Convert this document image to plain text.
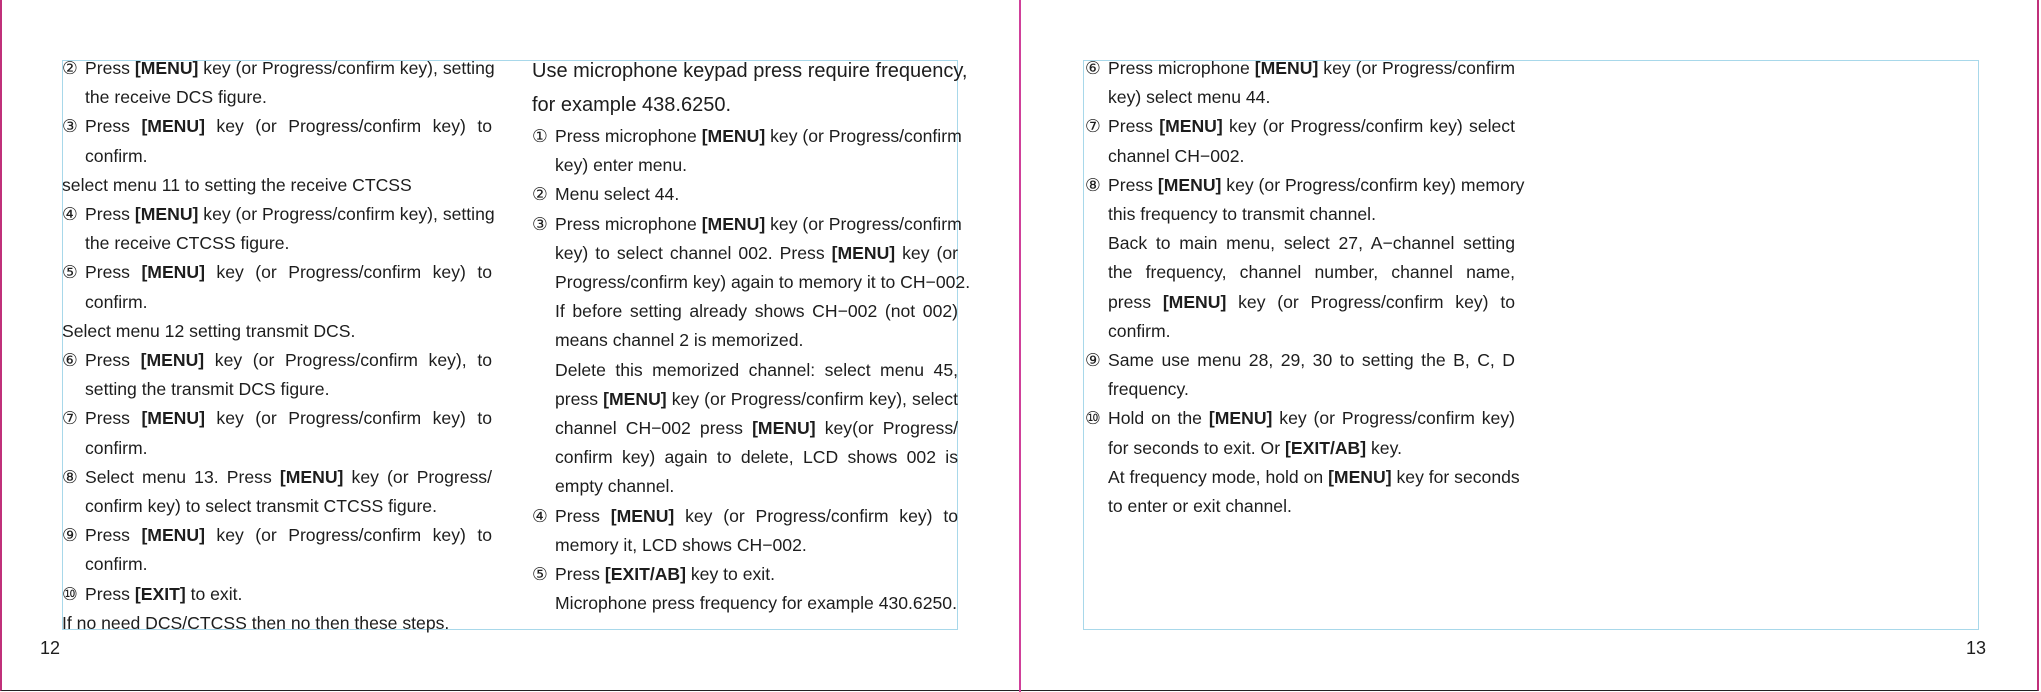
② Press [MENU] key (or Progress/confirm key), setting
the receive DCS figure.
③ Press [MENU] key (or Progress/confirm key) to
confirm.
select menu 11 to setting the receive CTCSS
④ Press [MENU] key (or Progress/confirm key), setting
the receive CTCSS figure.
⑤ Press [MENU] key (or Progress/confirm key) to
confirm.
Select menu 12 setting transmit DCS.
⑥ Press [MENU] key (or Progress/confirm key), to
setting the transmit DCS figure.
⑦ Press [MENU] key (or Progress/confirm key) to
confirm.
⑧ Select menu 13. Press [MENU] key (or Progress/
confirm key) to select transmit CTCSS figure.
⑨ Press [MENU] key (or Progress/confirm key) to
confirm.
⑩ Press [EXIT] to exit.
If no need DCS/CTCSS then no then these steps.
Use microphone keypad press require frequency,
for example 438.6250.
① Press microphone [MENU] key (or Progress/confirm
key) enter menu.
② Menu select 44.
③ Press microphone [MENU] key (or Progress/confirm
key) to select channel 002. Press [MENU] key (or
Progress/confirm key) again to memory it to CH−002.
If before setting already shows CH−002 (not 002)
means channel 2 is memorized.
Delete this memorized channel: select menu 45,
press [MENU] key (or Progress/confirm key), select
channel CH−002 press [MENU] key(or Progress/
confirm key) again to delete, LCD shows 002 is
empty channel.
④ Press [MENU] key (or Progress/confirm key) to
memory it, LCD shows CH−002.
⑤ Press [EXIT/AB] key to exit.
Microphone press frequency for example 430.6250.
⑥ Press microphone [MENU] key (or Progress/confirm
key) select menu 44.
⑦ Press [MENU] key (or Progress/confirm key) select
channel CH−002.
⑧ Press [MENU] key (or Progress/confirm key) memory
this frequency to transmit channel.
Back to main menu, select 27, A−channel setting
the frequency, channel number, channel name,
press [MENU] key (or Progress/confirm key) to
confirm.
⑨ Same use menu 28, 29, 30 to setting the B, C, D
frequency.
⑩ Hold on the [MENU] key (or Progress/confirm key)
for seconds to exit. Or [EXIT/AB] key.
At frequency mode, hold on [MENU] key for seconds
to enter or exit channel.
12	13
